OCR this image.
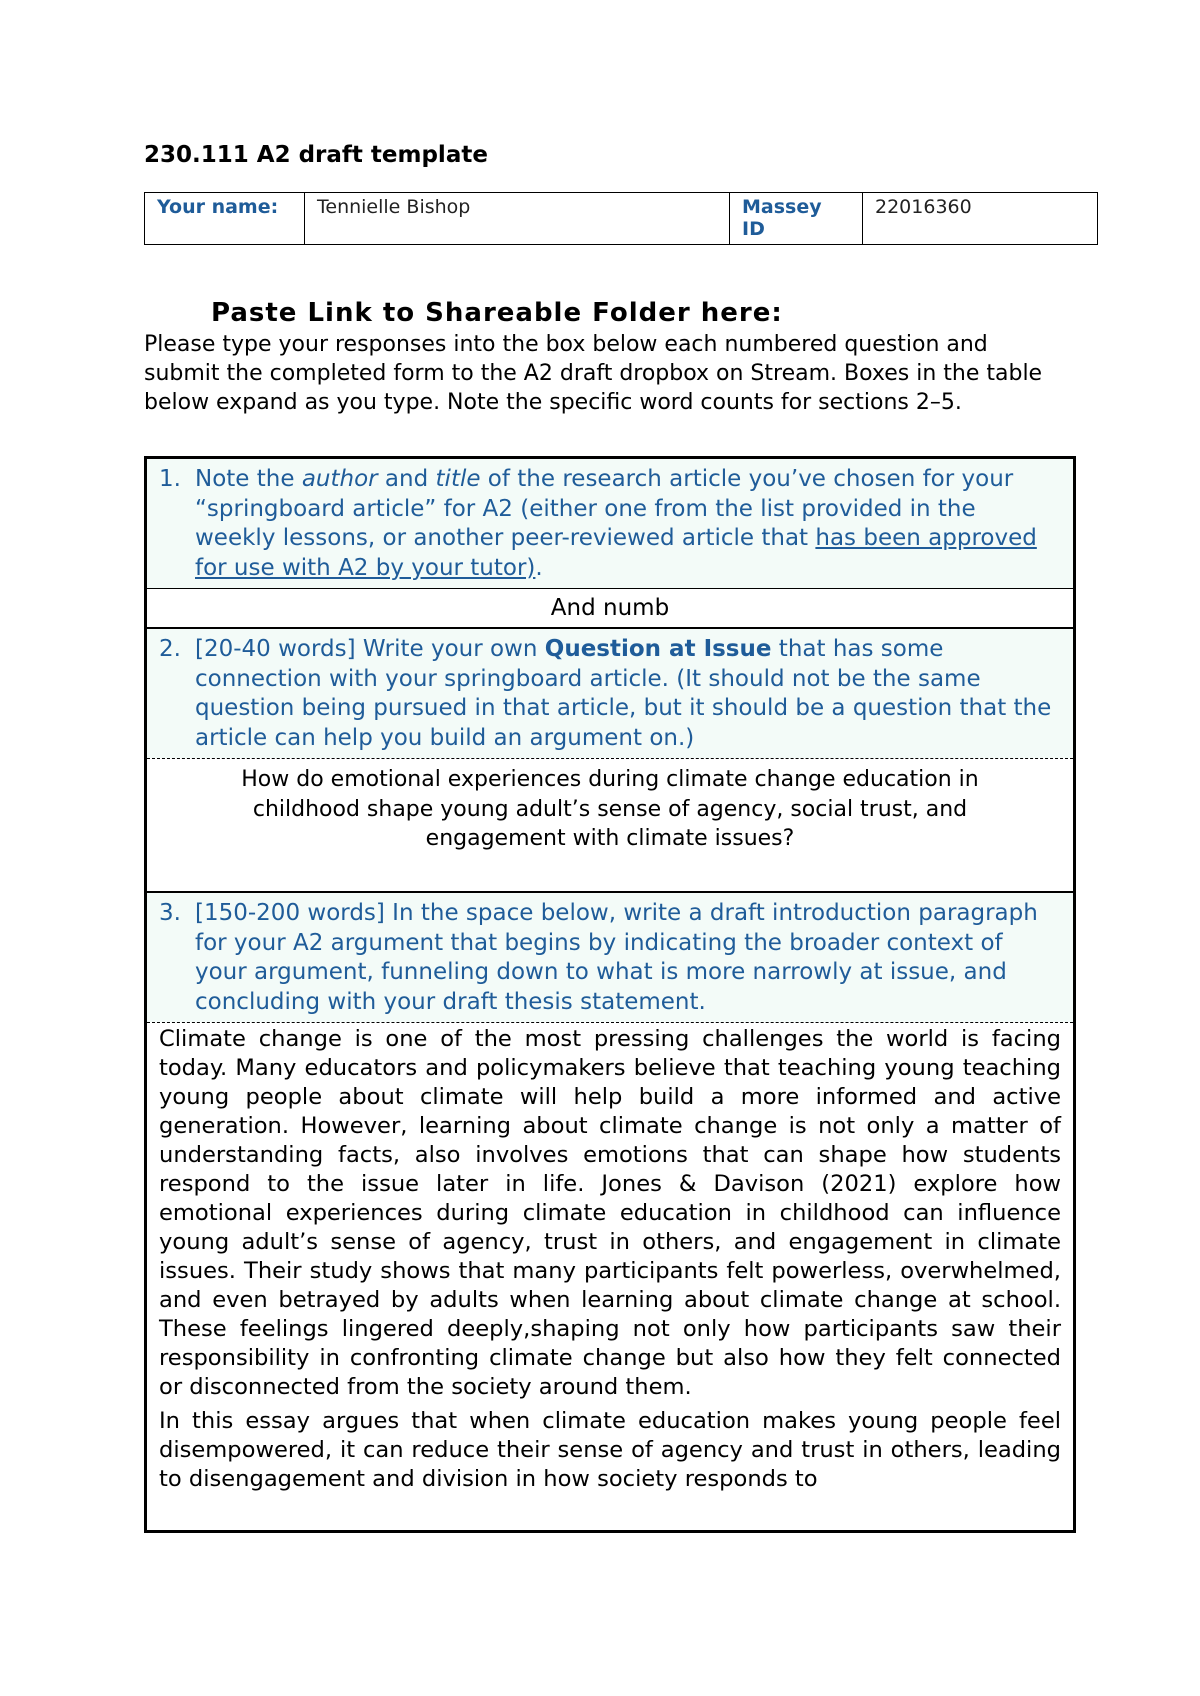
230.111 A2 draft template
Your name:	Tennielle Bishop	Massey ID	22016360
Paste Link to Shareable Folder here:

Please type your responses into the box below each numbered question and submit the completed form to the A2 draft dropbox on Stream. Boxes in the table below expand as you type. Note the specific word counts for sections 2–5.

1. Note the author and title of the research article you’ve chosen for your “springboard article” for A2 (either one from the list provided in the weekly lessons, or another peer-reviewed article that has been approved for use with A2 by your tutor).
And numb
2. [20-40 words] Write your own Question at Issue that has some connection with your springboard article. (It should not be the same question being pursued in that article, but it should be a question that the article can help you build an argument on.)
How do emotional experiences during climate change education in childhood shape young adult’s sense of agency, social trust, and engagement with climate issues?
3. [150-200 words] In the space below, write a draft introduction paragraph for your A2 argument that begins by indicating the broader context of your argument, funneling down to what is more narrowly at issue, and concluding with your draft thesis statement.

Climate change is one of the most pressing challenges the world is facing today. Many educators and policymakers believe that teaching young teaching young people about climate will help build a more informed and active generation. However, learning about climate change is not only a matter of understanding facts, also involves emotions that can shape how students respond to the issue later in life. Jones & Davison (2021) explore how emotional experiences during climate education in childhood can influence young adult’s sense of agency, trust in others, and engagement in climate issues. Their study shows that many participants felt powerless, overwhelmed, and even betrayed by adults when learning about climate change at school. These feelings lingered deeply,shaping not only how participants saw their responsibility in confronting climate change but also how they felt connected or disconnected from the society around them.

In this essay argues that when climate education makes young people feel disempowered, it can reduce their sense of agency and trust in others, leading to disengagement and division in how society responds to
